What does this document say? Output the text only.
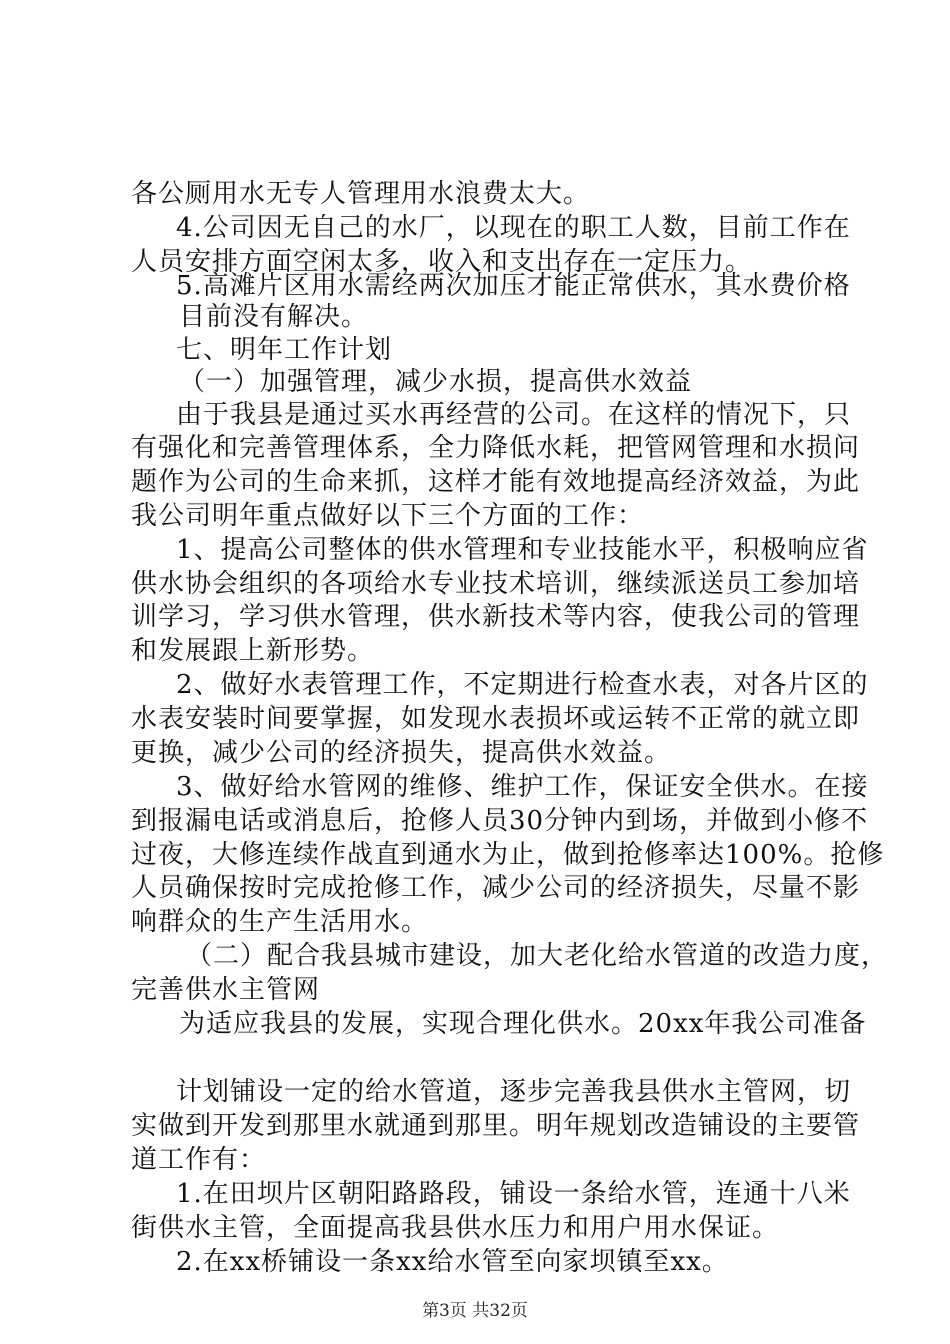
各公厕用水无专人管理用水浪费太大。
4.公司因无自己的水厂，以现在的职工人数，目前工作在
人员安排方面空闲太多，收入和支出存在一定压力。
5.高滩片区用水需经两次加压才能正常供水，其水费价格
目前没有解决。
七、明年工作计划
（一）加强管理，减少水损，提高供水效益
由于我县是通过买水再经营的公司。在这样的情况下，只
有强化和完善管理体系，全力降低水耗，把管网管理和水损问
题作为公司的生命来抓，这样才能有效地提高经济效益，为此
我公司明年重点做好以下三个方面的工作：
1、提高公司整体的供水管理和专业技能水平，积极响应省
供水协会组织的各项给水专业技术培训，继续派送员工参加培
训学习，学习供水管理，供水新技术等内容，使我公司的管理
和发展跟上新形势。
2、做好水表管理工作，不定期进行检查水表，对各片区的
水表安装时间要掌握，如发现水表损坏或运转不正常的就立即
更换，减少公司的经济损失，提高供水效益。
3、做好给水管网的维修、维护工作，保证安全供水。在接
到报漏电话或消息后，抢修人员30分钟内到场，并做到小修不
过夜，大修连续作战直到通水为止，做到抢修率达100%。抢修
人员确保按时完成抢修工作，减少公司的经济损失，尽量不影
响群众的生产生活用水。
（二）配合我县城市建设，加大老化给水管道的改造力度，
完善供水主管网
为适应我县的发展，实现合理化供水。20xx年我公司准备
计划铺设一定的给水管道，逐步完善我县供水主管网，切
实做到开发到那里水就通到那里。明年规划改造铺设的主要管
道工作有：
1.在田坝片区朝阳路路段，铺设一条给水管，连通十八米
街供水主管，全面提高我县供水压力和用户用水保证。
2.在xx桥铺设一条xx给水管至向家坝镇至xx。
第3页 共32页
